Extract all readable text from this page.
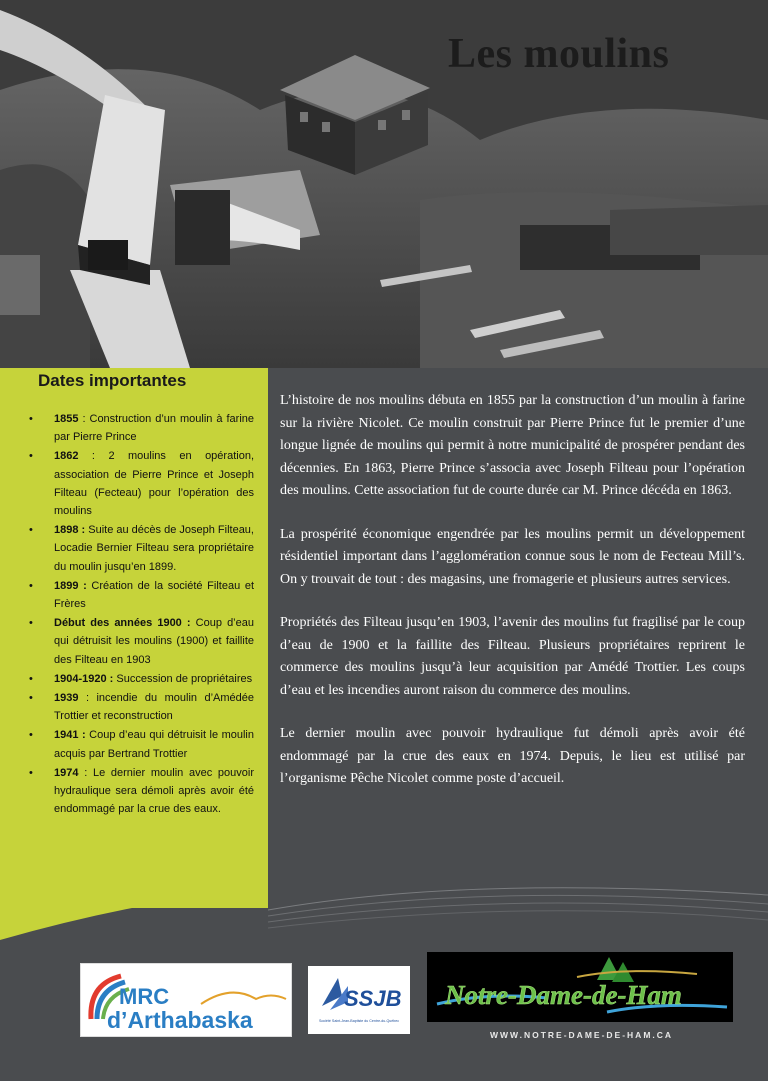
Les moulins
Dates importantes
• 1855 : Construction d’un moulin à farine par Pierre Prince
• 1862 : 2 moulins en opération, association de Pierre Prince et Joseph Filteau (Fecteau) pour l’opération des moulins
• 1898 : Suite au décès de Joseph Filteau, Locadie Bernier Filteau sera propriétaire du moulin jusqu’en 1899.
• 1899 : Création de la société Filteau et Frères
• Début des années 1900 : Coup d’eau qui détruisit les moulins (1900) et faillite des Filteau en 1903
• 1904-1920 : Succession de propriétaires
• 1939 : incendie du moulin d’Amédée Trottier et reconstruction
• 1941 : Coup d’eau qui détruisit le moulin acquis par Bertrand Trottier
• 1974 : Le dernier moulin avec pouvoir hydraulique sera démoli après avoir été endommagé par la crue des eaux.

L’histoire de nos moulins débuta en 1855 par la construction d’un moulin à farine sur la rivière Nicolet. Ce moulin construit par Pierre Prince fut le premier d’une longue lignée de moulins qui permit à notre municipalité de prospérer pendant des décennies. En 1863, Pierre Prince s’associa avec Joseph Filteau pour l’opération des moulins. Cette association fut de courte durée car M. Prince décéda en 1863.

La prospérité économique engendrée par les moulins permit un développement résidentiel important dans l’agglomération connue sous le nom de Fecteau Mill’s. On y trouvait de tout : des magasins, une fromagerie et plusieurs autres services.

Propriétés des Filteau jusqu’en 1903, l’avenir des moulins fut fragilisé par le coup d’eau de 1900 et la faillite des Filteau. Plusieurs propriétaires reprirent le commerce des moulins jusqu’à leur acquisition par Amédé Trottier. Les coups d’eau et les incendies auront raison du commerce des moulins.

Le dernier moulin avec pouvoir hydraulique fut démoli après avoir été endommagé par la crue des eaux en 1974. Depuis, le lieu est utilisé par l’organisme Pêche Nicolet comme poste d’accueil.

MRC
d’Arthabaska
SSJB
Société Saint-Jean-Baptiste du Centre-du-Québec
Notre-Dame-de-Ham
WWW.NOTRE-DAME-DE-HAM.CA
